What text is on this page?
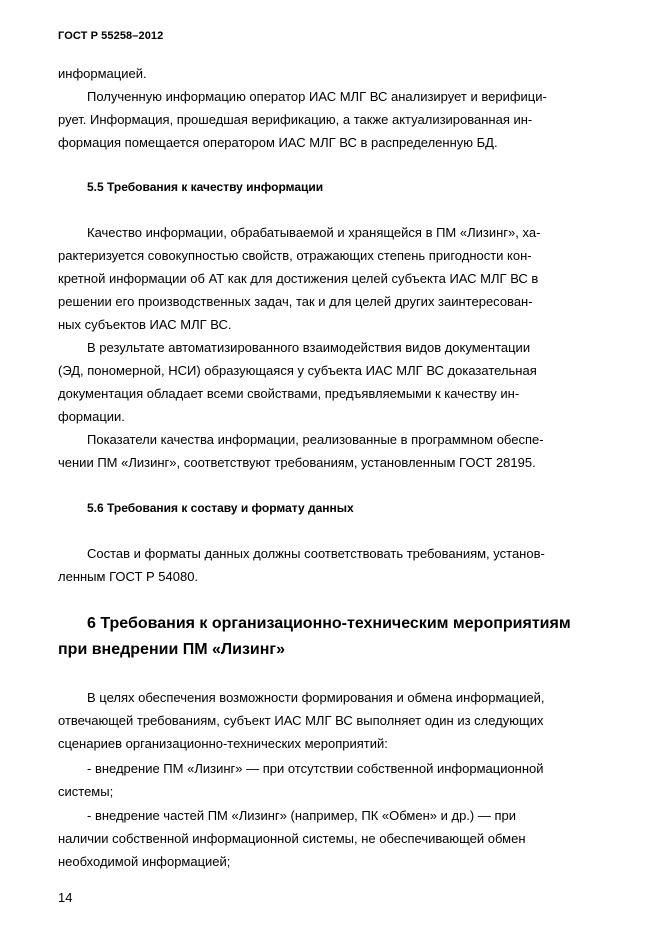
ГОСТ Р 55258–2012
информацией.
Полученную информацию оператор ИАС МЛГ ВС анализирует и верифици-
рует. Информация, прошедшая верификацию, а также актуализированная ин-
формация помещается оператором ИАС МЛГ ВС в распределенную БД.
5.5 Требования к качеству информации
Качество информации, обрабатываемой и хранящейся в ПМ «Лизинг», ха-
рактеризуется совокупностью свойств, отражающих степень пригодности кон-
кретной информации об АТ как для достижения целей субъекта ИАС МЛГ ВС в
решении его производственных задач, так и для целей других заинтересован-
ных субъектов ИАС МЛГ ВС.
В результате автоматизированного взаимодействия видов документации
(ЭД, пономерной, НСИ) образующаяся у субъекта ИАС МЛГ ВС доказательная
документация обладает всеми свойствами, предъявляемыми к качеству ин-
формации.
Показатели качества информации, реализованные в программном обеспе-
чении ПМ «Лизинг», соответствуют требованиям, установленным ГОСТ 28195.
5.6 Требования к составу и формату данных
Состав и форматы данных должны соответствовать требованиям, установ-
ленным ГОСТ Р 54080.
6 Требования к организационно-техническим мероприятиям
при внедрении ПМ «Лизинг»
В целях обеспечения возможности формирования и обмена информацией,
отвечающей требованиям, субъект ИАС МЛГ ВС выполняет один из следующих
сценариев организационно-технических мероприятий:
- внедрение ПМ «Лизинг» — при отсутствии собственной информационной
системы;
- внедрение частей ПМ «Лизинг» (например, ПК «Обмен» и др.) — при
наличии собственной информационной системы, не обеспечивающей обмен
необходимой информацией;
14
